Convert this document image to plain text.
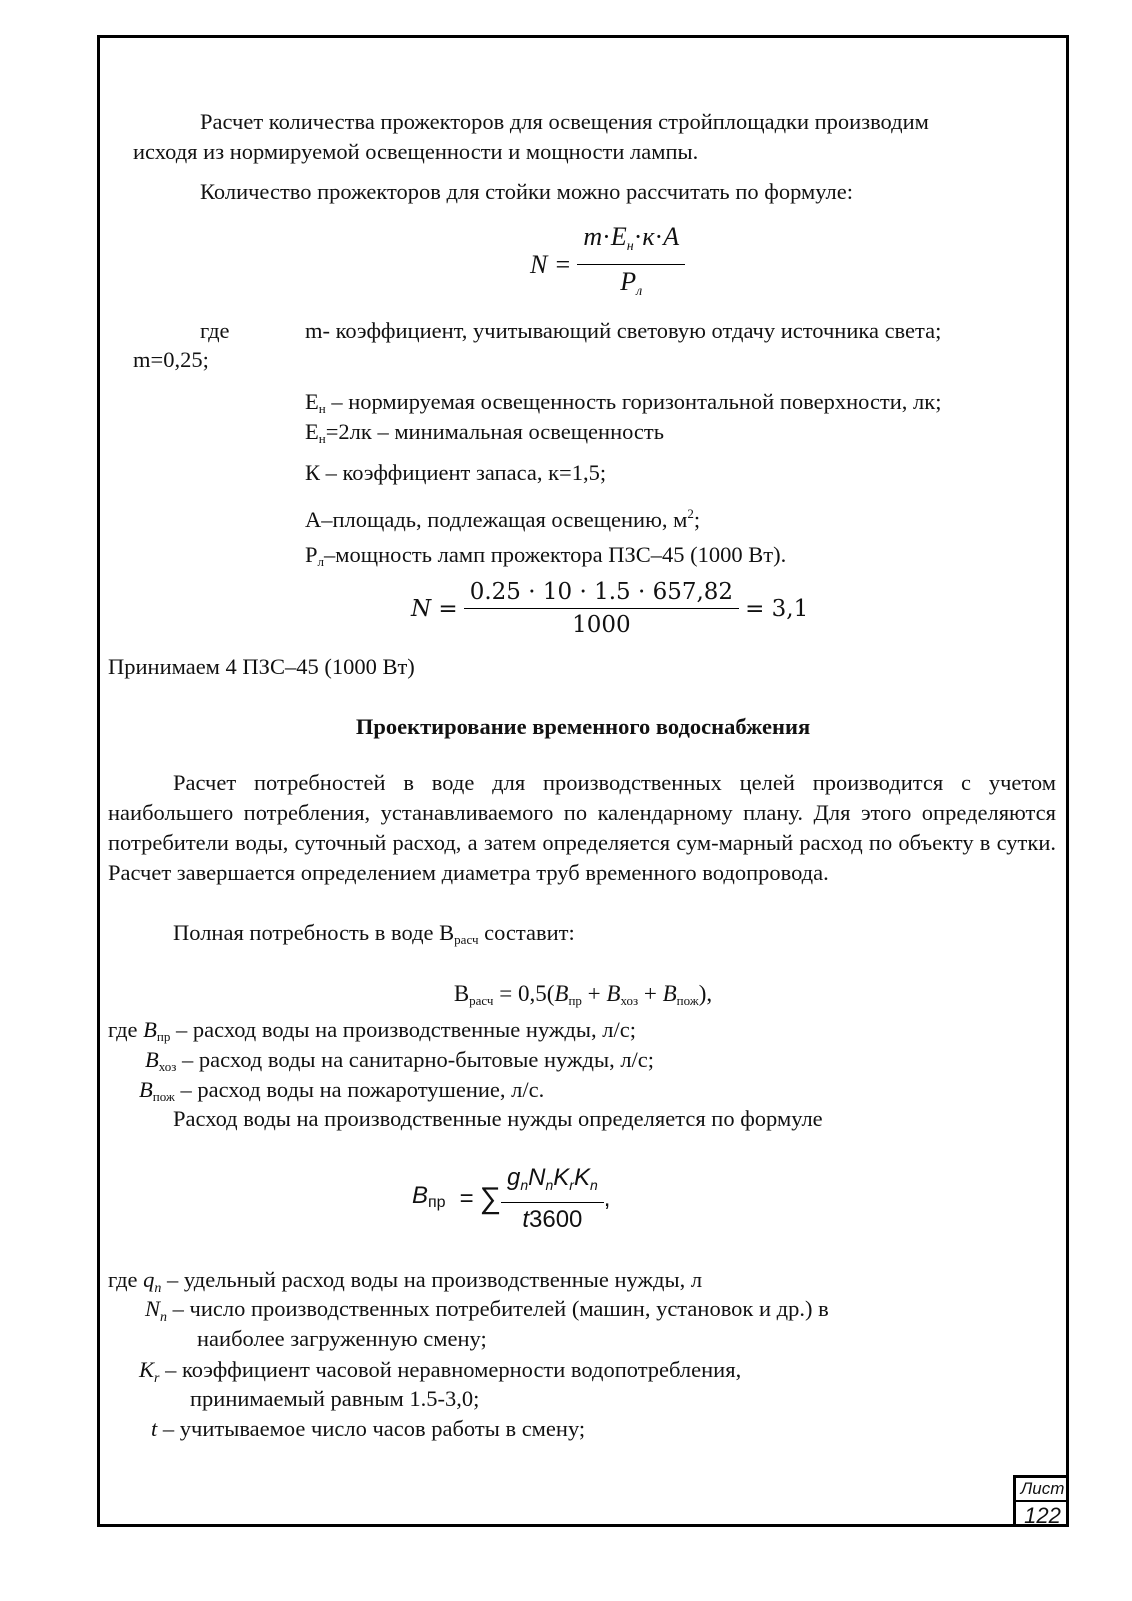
Расчет количества прожекторов для освещения стройплощадки производим
исходя из нормируемой освещенности и мощности лампы.
Количество прожекторов для стойки можно рассчитать по формуле:
$N = \frac{m\cdot E_н\cdot к\cdot A}{P_л}$
где	m- коэффициент, учитывающий световую отдачу источника света;
m=0,25;
$Е_н$ – нормируемая освещенность горизонтальной поверхности, лк;
$Е_н=2лк$ – минимальная освещенность
К – коэффициент запаса, к=1,5;
А–площадь, подлежащая освещению, $м^2$;
$Р_л$–мощность ламп прожектора ПЗС–45 (1000 Вт).
$N = \frac{0.25 \cdot 10 \cdot 1.5 \cdot 657,82}{1000} = 3,1$
Принимаем 4 ПЗС–45 (1000 Вт)
Проектирование временного водоснабжения
Расчет потребностей в воде для производственных целей производится с учетом наибольшего потребления, устанавливаемого по календарному плану. Для этого определяются потребители воды, суточный расход, а затем определяется сум-марный расход по объекту в сутки. Расчет завершается определением диаметра труб временного водопровода.
Полная потребность в воде $В_{расч}$ составит:
$В_{расч} = 0,5(В_{пр} + В_{хоз} + В_{пож})$,
где $В_{пр}$ – расход воды на производственные нужды, л/с;
$В_{хоз}$ – расход воды на санитарно-бытовые нужды, л/с;
$В_{пож}$ – расход воды на пожаротушение, л/с.
Расход воды на производственные нужды определяется по формуле
$B_{пр}$ = ∑ $\frac{g_nN_nK_rK_n}{t3600}$ ,
где $q_n$ – удельный расход воды на производственные нужды, л
$N_n$ – число производственных потребителей (машин, установок и др.) в
наиболее загруженную смену;
$K_r$ – коэффициент часовой неравномерности водопотребления,
принимаемый равным 1.5-3,0;
t – учитываемое число часов работы в смену;
Лист
122
